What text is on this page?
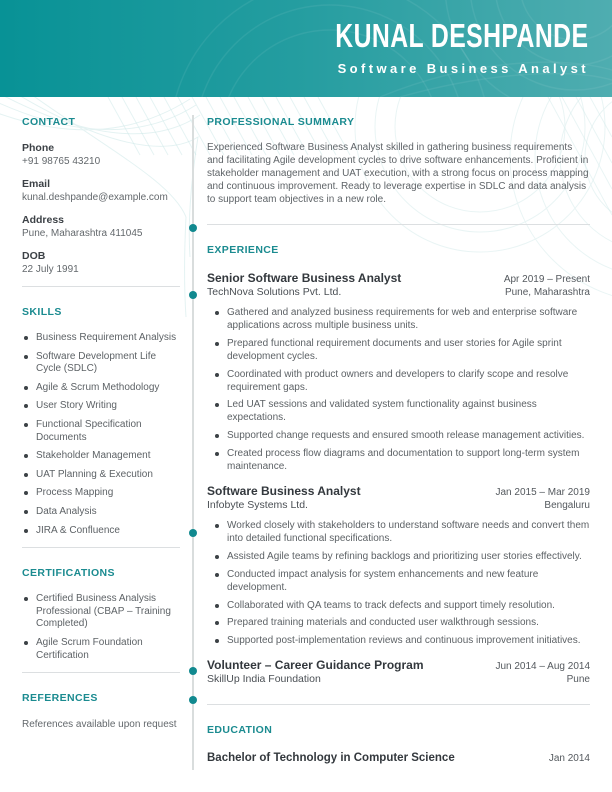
KUNAL DESHPANDE
Software Business Analyst
CONTACT
Phone
+91 98765 43210
Email
kunal.deshpande@example.com
Address
Pune, Maharashtra 411045
DOB
22 July 1991
SKILLS
Business Requirement Analysis
Software Development Life Cycle (SDLC)
Agile & Scrum Methodology
User Story Writing
Functional Specification Documents
Stakeholder Management
UAT Planning & Execution
Process Mapping
Data Analysis
JIRA & Confluence
CERTIFICATIONS
Certified Business Analysis Professional (CBAP – Training Completed)
Agile Scrum Foundation Certification
REFERENCES
References available upon request
PROFESSIONAL SUMMARY
Experienced Software Business Analyst skilled in gathering business requirements and facilitating Agile development cycles to drive software enhancements. Proficient in stakeholder management and UAT execution, with a strong focus on process mapping and continuous improvement. Ready to leverage expertise in SDLC and data analysis to support team objectives in a new role.
EXPERIENCE
Senior Software Business Analyst	Apr 2019 – Present
TechNova Solutions Pvt. Ltd.	Pune, Maharashtra
Gathered and analyzed business requirements for web and enterprise software applications across multiple business units.
Prepared functional requirement documents and user stories for Agile sprint development cycles.
Coordinated with product owners and developers to clarify scope and resolve requirement gaps.
Led UAT sessions and validated system functionality against business expectations.
Supported change requests and ensured smooth release management activities.
Created process flow diagrams and documentation to support long-term system maintenance.
Software Business Analyst	Jan 2015 – Mar 2019
Infobyte Systems Ltd.	Bengaluru
Worked closely with stakeholders to understand software needs and convert them into detailed functional specifications.
Assisted Agile teams by refining backlogs and prioritizing user stories effectively.
Conducted impact analysis for system enhancements and new feature development.
Collaborated with QA teams to track defects and support timely resolution.
Prepared training materials and conducted user walkthrough sessions.
Supported post-implementation reviews and continuous improvement initiatives.
Volunteer – Career Guidance Program	Jun 2014 – Aug 2014
SkillUp India Foundation	Pune
EDUCATION
Bachelor of Technology in Computer Science	Jan 2014
